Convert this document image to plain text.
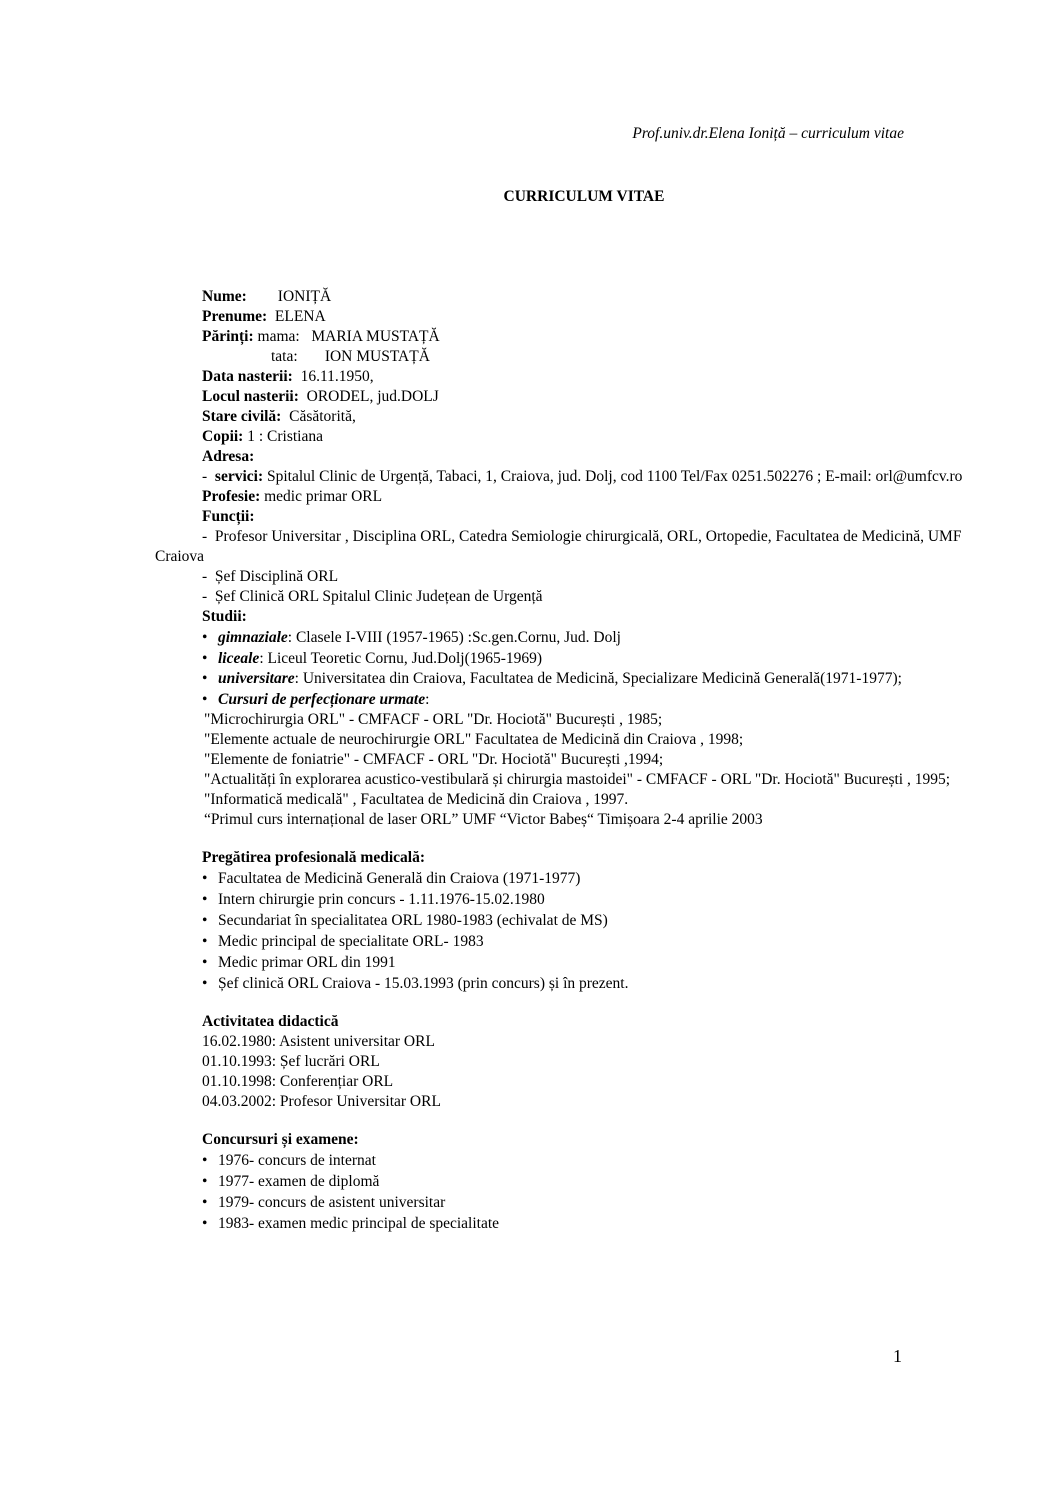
Prof.univ.dr.Elena Ioniță – curriculum vitae
CURRICULUM VITAE
Nume: IONIȚĂ
Prenume: ELENA
Părinți: mama: MARIA MUSTAȚĂ
tata: ION MUSTAȚĂ
Data nasterii: 16.11.1950,
Locul nasterii: ORODEL, jud.DOLJ
Stare civilă: Căsătorită,
Copii: 1 : Cristiana
Adresa:
-  servici: Spitalul Clinic de Urgență, Tabaci, 1, Craiova, jud. Dolj, cod 1100 Tel/Fax 0251.502276 ; E-mail: orl@umfcv.ro
Profesie: medic primar ORL
Funcții:
-  Profesor Universitar , Disciplina ORL, Catedra Semiologie chirurgicală, ORL, Ortopedie, Facultatea de Medicină, UMF Craiova
-  Șef Disciplină ORL
-  Șef Clinică ORL Spitalul Clinic Județean de Urgență
Studii:
• gimnaziale: Clasele I-VIII (1957-1965) :Sc.gen.Cornu, Jud. Dolj
• liceale: Liceul Teoretic Cornu, Jud.Dolj(1965-1969)
• universitare: Universitatea din Craiova, Facultatea de Medicină, Specializare Medicină Generală(1971-1977);
• Cursuri de perfecționare urmate:
"Microchirurgia ORL" - CMFACF - ORL "Dr. Hociotă" București , 1985;
"Elemente actuale de neurochirurgie ORL" Facultatea de Medicină din Craiova , 1998;
"Elemente de foniatrie" - CMFACF - ORL "Dr. Hociotă" București ,1994;
"Actualități în explorarea acustico-vestibulară și chirurgia mastoidei" - CMFACF - ORL "Dr. Hociotă" București , 1995;
"Informatică medicală" , Facultatea de Medicină din Craiova , 1997.
“Primul curs internațional de laser ORL” UMF “Victor Babeș“ Timișoara 2-4 aprilie 2003
Pregătirea profesională medicală:
• Facultatea de Medicină Generală din Craiova (1971-1977)
• Intern chirurgie prin concurs - 1.11.1976-15.02.1980
• Secundariat în specialitatea ORL 1980-1983 (echivalat de MS)
• Medic principal de specialitate ORL- 1983
• Medic primar ORL din 1991
• Șef clinică ORL Craiova - 15.03.1993 (prin concurs) și în prezent.
Activitatea didactică
16.02.1980: Asistent universitar ORL
01.10.1993: Șef lucrări ORL
01.10.1998: Conferențiar ORL
04.03.2002: Profesor Universitar ORL
Concursuri și examene:
• 1976- concurs de internat
• 1977- examen de diplomă
• 1979- concurs de asistent universitar
• 1983- examen medic principal de specialitate
1
